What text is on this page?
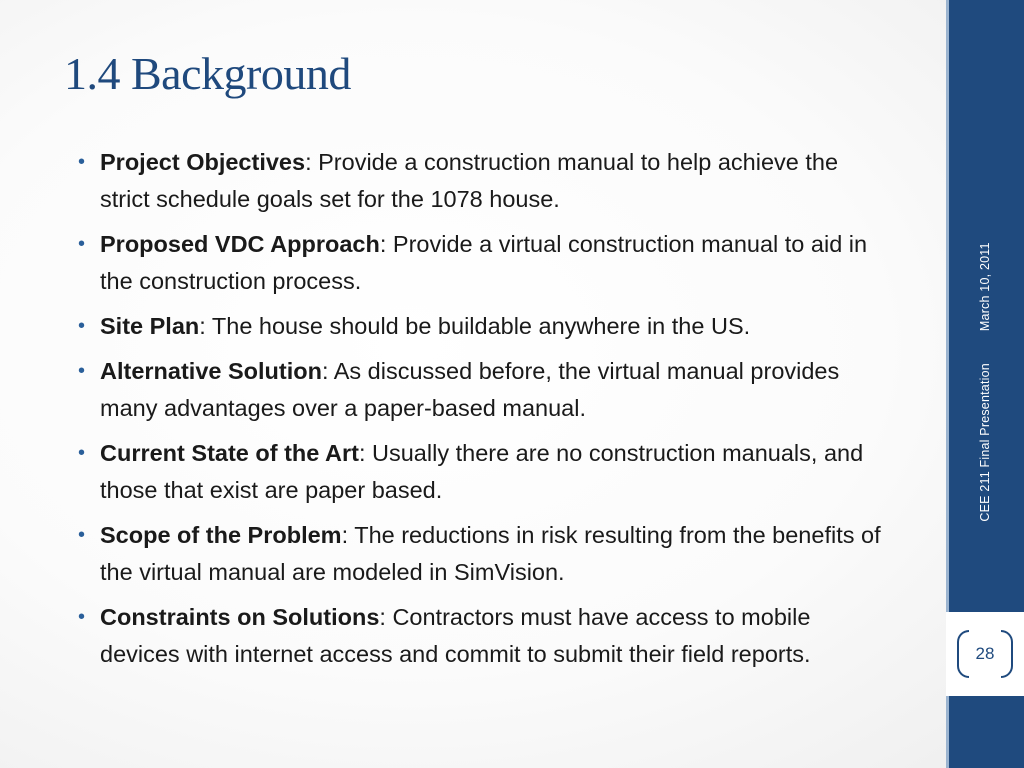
1.4 Background
• Project Objectives: Provide a construction manual to help achieve the strict schedule goals set for the 1078 house.
• Proposed VDC Approach: Provide a virtual construction manual to aid in the construction process.
• Site Plan: The house should be buildable anywhere in the US.
• Alternative Solution: As discussed before, the virtual manual provides many advantages over a paper-based manual.
• Current State of the Art: Usually there are no construction manuals, and those that exist are paper based.
• Scope of the Problem: The reductions in risk resulting from the benefits of the virtual manual are modeled in SimVision.
• Constraints on Solutions: Contractors must have access to mobile devices with internet access and commit to submit their field reports.
CEE 211 Final PresentationMarch 10, 2011
28
